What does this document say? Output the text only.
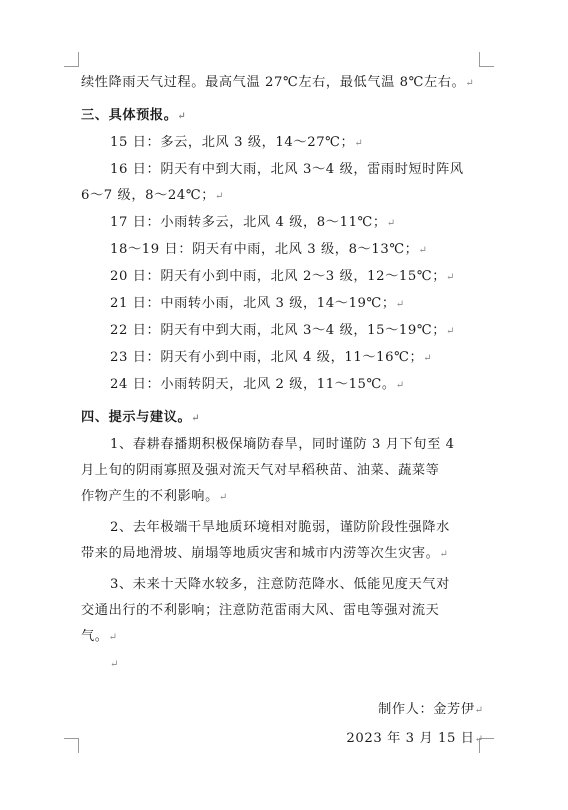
续性降雨天气过程。最高气温 27℃左右，最低气温 8℃左右。↵

三、具体预报。↵

15 日：多云，北风 3 级，14～27℃；↵

16 日：阴天有中到大雨，北风 3～4 级，雷雨时短时阵风

6～7 级，8～24℃；↵

17 日：小雨转多云，北风 4 级，8～11℃；↵

18～19 日：阴天有中雨，北风 3 级，8～13℃；↵

20 日：阴天有小到中雨，北风 2～3 级，12～15℃；↵

21 日：中雨转小雨，北风 3 级，14～19℃；↵

22 日：阴天有中到大雨，北风 3～4 级，15～19℃；↵

23 日：阴天有小到中雨，北风 4 级，11～16℃；↵

24 日：小雨转阴天，北风 2 级，11～15℃。↵

四、提示与建议。↵

1、春耕春播期积极保墒防春旱，同时谨防 3 月下旬至 4

月上旬的阴雨寡照及强对流天气对早稻秧苗、油菜、蔬菜等

作物产生的不利影响。↵

2、去年极端干旱地质环境相对脆弱，谨防阶段性强降水

带来的局地滑坡、崩塌等地质灾害和城市内涝等次生灾害。↵

3、未来十天降水较多，注意防范降水、低能见度天气对

交通出行的不利影响；注意防范雷雨大风、雷电等强对流天

气。↵

↵

制作人：金芳伊↵

2023 年 3 月 15 日↵
